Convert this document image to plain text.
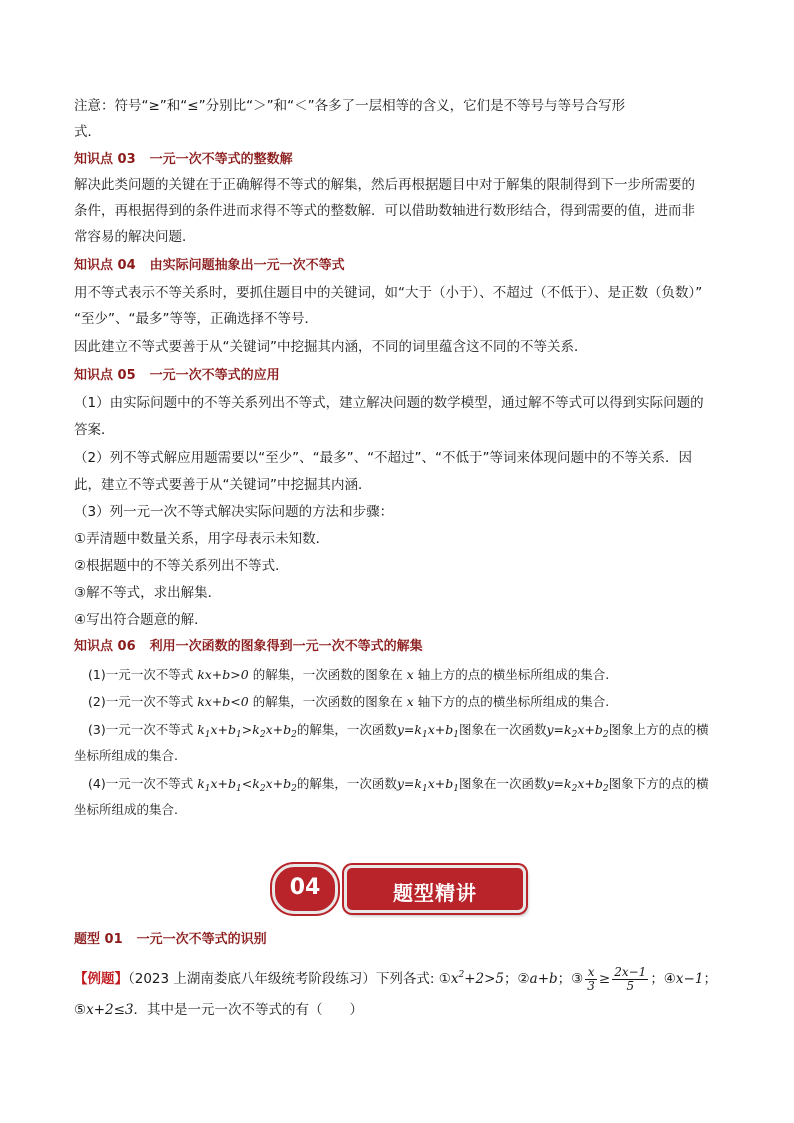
注意：符号“≥”和“≤”分别比“＞”和“＜”各多了一层相等的含义，它们是不等号与等号合写形
式．
知识点 03 一元一次不等式的整数解
解决此类问题的关键在于正确解得不等式的解集，然后再根据题目中对于解集的限制得到下一步所需要的
条件，再根据得到的条件进而求得不等式的整数解．可以借助数轴进行数形结合，得到需要的值，进而非
常容易的解决问题．
知识点 04 由实际问题抽象出一元一次不等式
用不等式表示不等关系时，要抓住题目中的关键词，如“大于（小于）、不超过（不低于）、是正数（负数）”
“至少”、“最多”等等，正确选择不等号．
因此建立不等式要善于从“关键词”中挖掘其内涵，不同的词里蕴含这不同的不等关系．
知识点 05 一元一次不等式的应用
（1）由实际问题中的不等关系列出不等式，建立解决问题的数学模型，通过解不等式可以得到实际问题的
答案．
（2）列不等式解应用题需要以“至少”、“最多”、“不超过”、“不低于”等词来体现问题中的不等关系．因
此，建立不等式要善于从“关键词”中挖掘其内涵．
（3）列一元一次不等式解决实际问题的方法和步骤：
①弄清题中数量关系，用字母表示未知数．
②根据题中的不等关系列出不等式．
③解不等式，求出解集．
④写出符合题意的解．
知识点 06 利用一次函数的图象得到一元一次不等式的解集
(1)一元一次不等式 kx+b>0 的解集，一次函数的图象在 x 轴上方的点的横坐标所组成的集合.
(2)一元一次不等式 kx+b<0 的解集，一次函数的图象在 x 轴下方的点的横坐标所组成的集合.
(3)一元一次不等式 $k_1x+b_1>k_2x+b_2$的解集，一次函数$y=k_1x+b_1$图象在一次函数$y=k_2x+b_2$图象上方的点的横
坐标所组成的集合.
(4)一元一次不等式 $k_1x+b_1<k_2x+b_2$的解集，一次函数$y=k_1x+b_1$图象在一次函数$y=k_2x+b_2$图象下方的点的横
坐标所组成的集合.
04	题型精讲
题型 01 一元一次不等式的识别
【例题】（2023 上湖南娄底八年级统考阶段练习）下列各式: $①x^2+2>5$；②a+b；③ $\frac{x}{3} \ge \frac{2x-1}{5}$ ；④x−1；
⑤x+2≤3．其中是一元一次不等式的有（　　）
